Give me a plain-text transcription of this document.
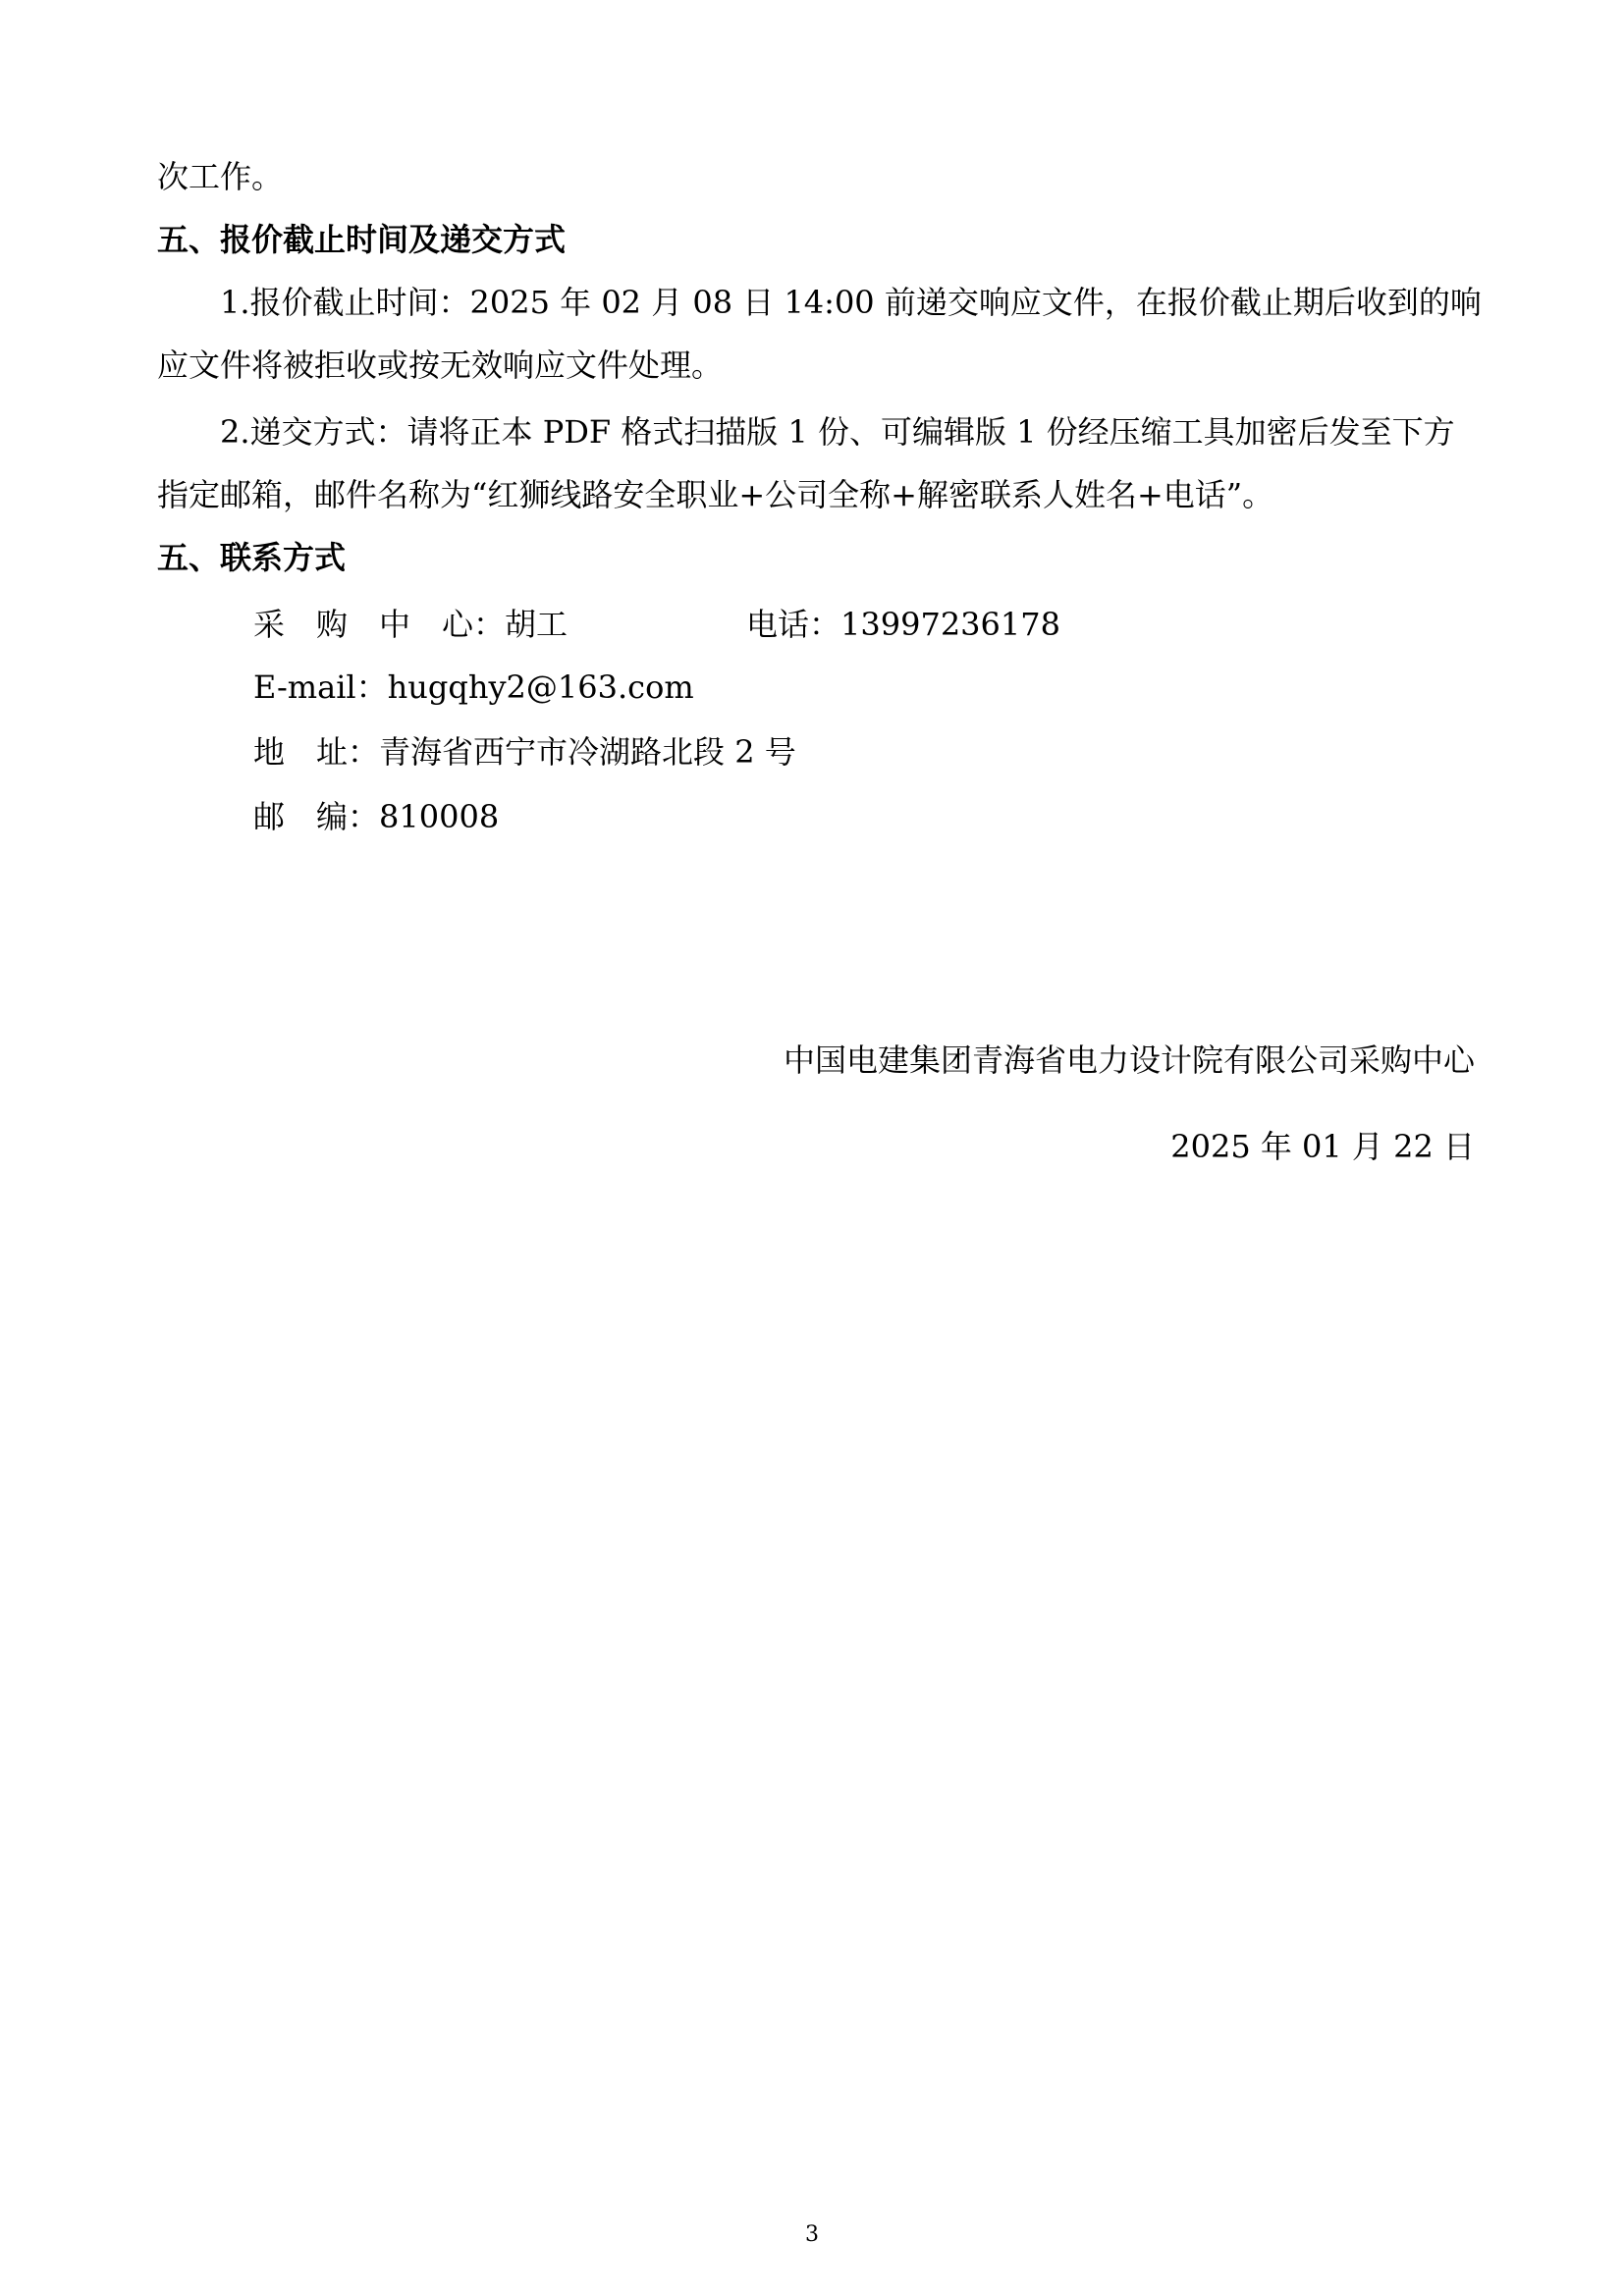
次工作。
五、报价截止时间及递交方式
1.报价截止时间：2025 年 02 月 08 日 14:00 前递交响应文件，在报价截止期后收到的响
应文件将被拒收或按无效响应文件处理。
2.递交方式：请将正本 PDF 格式扫描版 1 份、可编辑版 1 份经压缩工具加密后发至下方
指定邮箱，邮件名称为“红狮线路安全职业+公司全称+解密联系人姓名+电话”。
五、联系方式
采　购　中　心：胡工	电话：13997236178
E-mail：hugqhy2@163.com
地　址：青海省西宁市冷湖路北段 2 号
邮　编：810008
中国电建集团青海省电力设计院有限公司采购中心
2025 年 01 月 22 日
3
